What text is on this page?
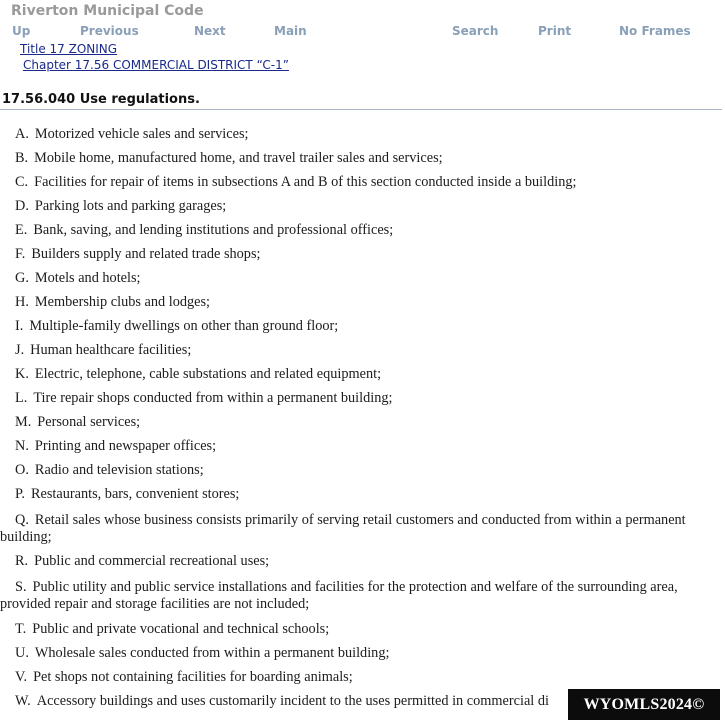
Riverton Municipal Code
Up	Previous	Next	Main	Search	Print	No Frames
Title 17 ZONING
Chapter 17.56 COMMERCIAL DISTRICT “C-1”
17.56.040 Use regulations.

A. Motorized vehicle sales and services;

B. Mobile home, manufactured home, and travel trailer sales and services;

C. Facilities for repair of items in subsections A and B of this section conducted inside a building;

D. Parking lots and parking garages;

E. Bank, saving, and lending institutions and professional offices;

F. Builders supply and related trade shops;

G. Motels and hotels;

H. Membership clubs and lodges;

I. Multiple-family dwellings on other than ground floor;

J. Human healthcare facilities;

K. Electric, telephone, cable substations and related equipment;

L. Tire repair shops conducted from within a permanent building;

M. Personal services;

N. Printing and newspaper offices;

O. Radio and television stations;

P. Restaurants, bars, convenient stores;

Q. Retail sales whose business consists primarily of serving retail customers and conducted from within a permanent building;

R. Public and commercial recreational uses;

S. Public utility and public service installations and facilities for the protection and welfare of the surrounding area, provided repair and storage facilities are not included;

T. Public and private vocational and technical schools;

U. Wholesale sales conducted from within a permanent building;

V. Pet shops not containing facilities for boarding animals;

W. Accessory buildings and uses customarily incident to the uses permitted in commercial di	WYOMLS2024©
